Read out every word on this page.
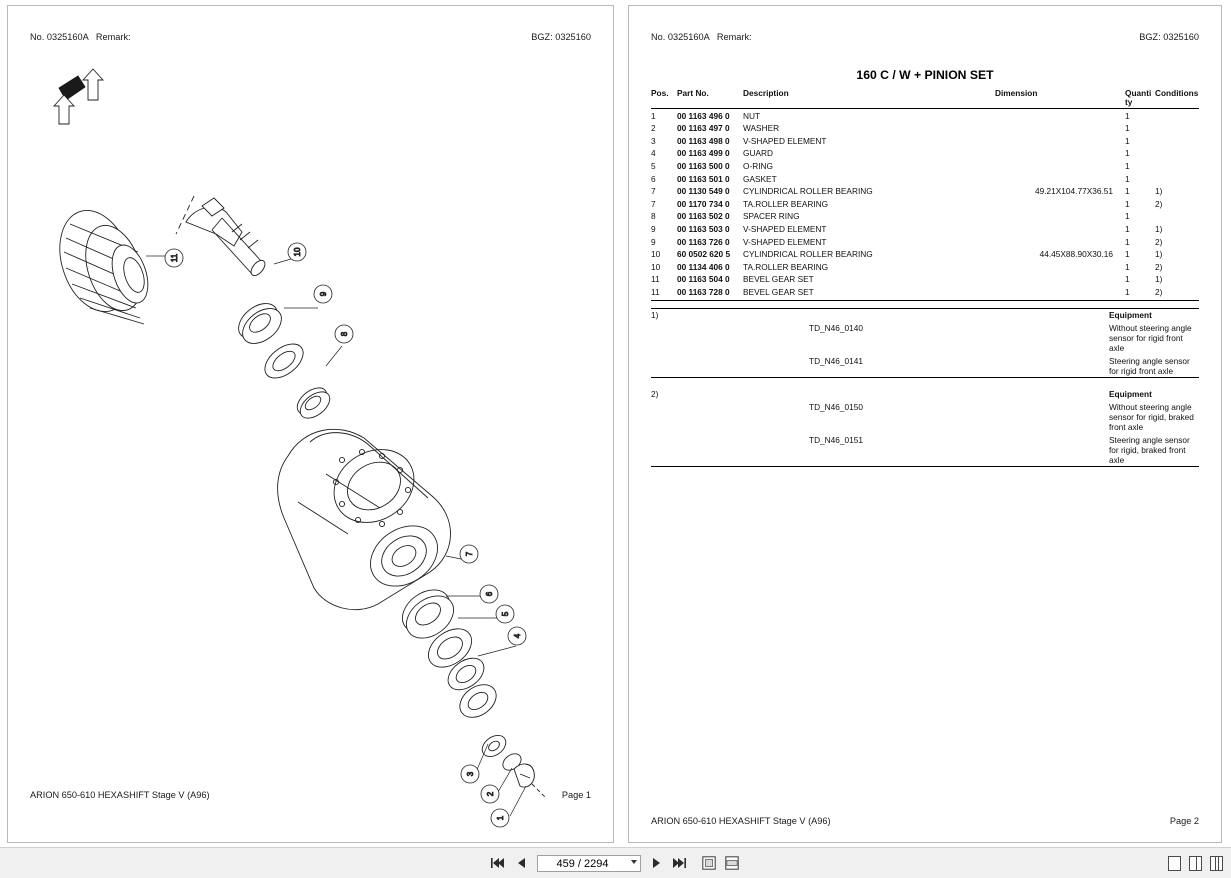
No. 0325160A   Remark:	BGZ: 0325160
11
10
9
8
7
6
5
4
3
2
1
ARION 650-610 HEXASHIFT Stage V (A96)	Page 1
No. 0325160A   Remark:	BGZ: 0325160
160 C / W + PINION SET
Pos.	Part No.	Description	Dimension	Quanti ty	Conditions
1	00 1163 496 0	NUT		1	
2	00 1163 497 0	WASHER		1	
3	00 1163 498 0	V-SHAPED ELEMENT		1	
4	00 1163 499 0	GUARD		1	
5	00 1163 500 0	O-RING		1	
6	00 1163 501 0	GASKET		1	
7	00 1130 549 0	CYLINDRICAL ROLLER BEARING	49.21X104.77X36.51	1	1)
7	00 1170 734 0	TA.ROLLER BEARING		1	2)
8	00 1163 502 0	SPACER RING		1	
9	00 1163 503 0	V-SHAPED ELEMENT		1	1)
9	00 1163 726 0	V-SHAPED ELEMENT		1	2)
10	60 0502 620 5	CYLINDRICAL ROLLER BEARING	44.45X88.90X30.16	1	1)
10	00 1134 406 0	TA.ROLLER BEARING		1	2)
11	00 1163 504 0	BEVEL GEAR SET		1	1)
11	00 1163 728 0	BEVEL GEAR SET		1	2)

1)	Equipment
TD_N46_0140	Without steering angle sensor for rigid front axle
TD_N46_0141	Steering angle sensor for rigid front axle

2)	Equipment
TD_N46_0150	Without steering angle sensor for rigid, braked front axle
TD_N46_0151	Steering angle sensor for rigid, braked front axle
ARION 650-610 HEXASHIFT Stage V (A96)	Page 2
459 / 2294
